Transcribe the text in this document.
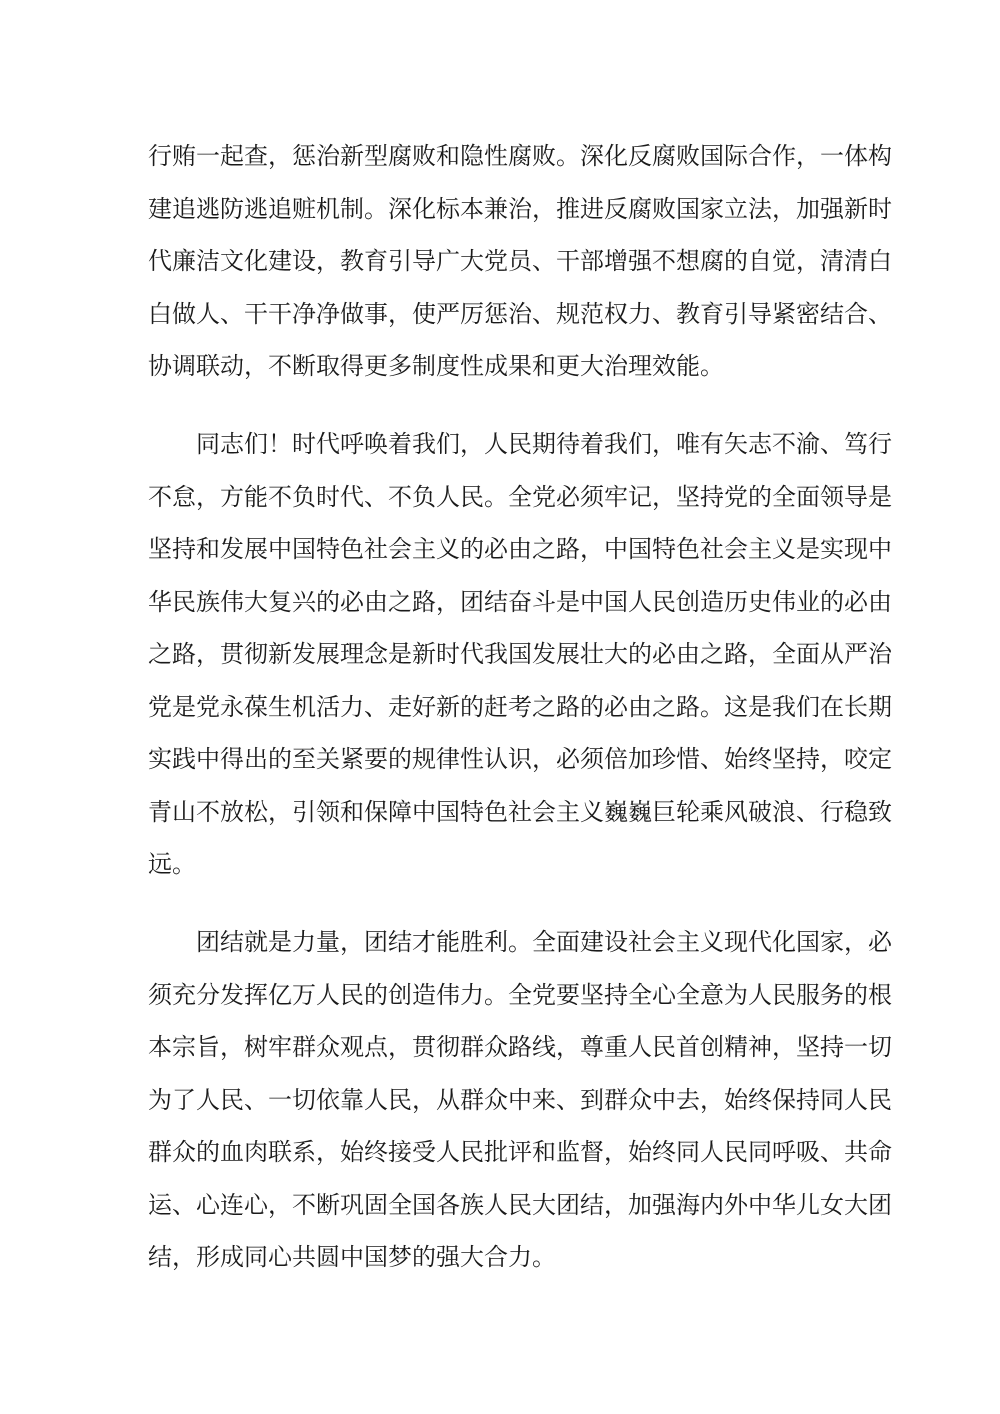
行贿一起查，惩治新型腐败和隐性腐败。深化反腐败国际合作，一体构
建追逃防逃追赃机制。深化标本兼治，推进反腐败国家立法，加强新时
代廉洁文化建设，教育引导广大党员、干部增强不想腐的自觉，清清白
白做人、干干净净做事，使严厉惩治、规范权力、教育引导紧密结合、
协调联动，不断取得更多制度性成果和更大治理效能。

　　同志们！时代呼唤着我们，人民期待着我们，唯有矢志不渝、笃行
不怠，方能不负时代、不负人民。全党必须牢记，坚持党的全面领导是
坚持和发展中国特色社会主义的必由之路，中国特色社会主义是实现中
华民族伟大复兴的必由之路，团结奋斗是中国人民创造历史伟业的必由
之路，贯彻新发展理念是新时代我国发展壮大的必由之路，全面从严治
党是党永葆生机活力、走好新的赶考之路的必由之路。这是我们在长期
实践中得出的至关紧要的规律性认识，必须倍加珍惜、始终坚持，咬定
青山不放松，引领和保障中国特色社会主义巍巍巨轮乘风破浪、行稳致
远。

　　团结就是力量，团结才能胜利。全面建设社会主义现代化国家，必
须充分发挥亿万人民的创造伟力。全党要坚持全心全意为人民服务的根
本宗旨，树牢群众观点，贯彻群众路线，尊重人民首创精神，坚持一切
为了人民、一切依靠人民，从群众中来、到群众中去，始终保持同人民
群众的血肉联系，始终接受人民批评和监督，始终同人民同呼吸、共命
运、心连心，不断巩固全国各族人民大团结，加强海内外中华儿女大团
结，形成同心共圆中国梦的强大合力。
